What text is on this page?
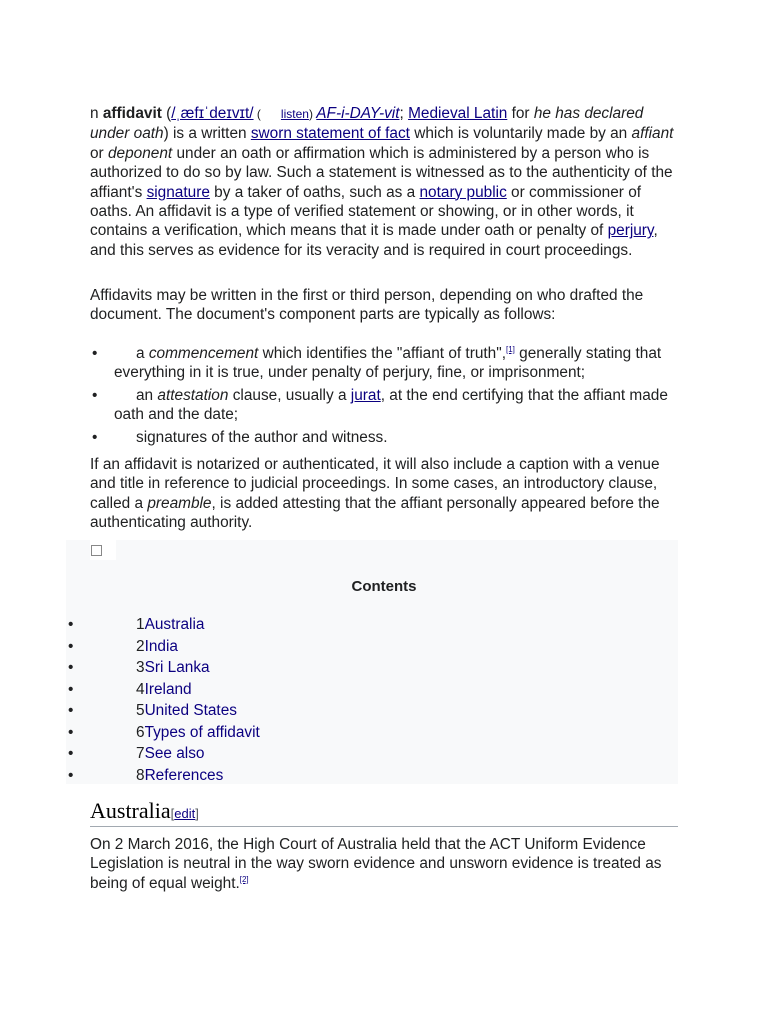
n affidavit (/ˌæfɪˈdeɪvɪt/ ( listen) AF-i-DAY-vit; Medieval Latin for he has declared under oath) is a written sworn statement of fact which is voluntarily made by an affiant or deponent under an oath or affirmation which is administered by a person who is authorized to do so by law. Such a statement is witnessed as to the authenticity of the affiant's signature by a taker of oaths, such as a notary public or commissioner of oaths. An affidavit is a type of verified statement or showing, or in other words, it contains a verification, which means that it is made under oath or penalty of perjury, and this serves as evidence for its veracity and is required in court proceedings.

Affidavits may be written in the first or third person, depending on who drafted the document. The document's component parts are typically as follows:

•	a commencement which identifies the "affiant of truth",[1] generally stating that everything in it is true, under penalty of perjury, fine, or imprisonment;
•	an attestation clause, usually a jurat, at the end certifying that the affiant made oath and the date;
•	signatures of the author and witness.

If an affidavit is notarized or authenticated, it will also include a caption with a venue and title in reference to judicial proceedings. In some cases, an introductory clause, called a preamble, is added attesting that the affiant personally appeared before the authenticating authority.

Contents
•	1Australia
•	2India
•	3Sri Lanka
•	4Ireland
•	5United States
•	6Types of affidavit
•	7See also
•	8References
Australia[edit]

On 2 March 2016, the High Court of Australia held that the ACT Uniform Evidence Legislation is neutral in the way sworn evidence and unsworn evidence is treated as being of equal weight.[2]
